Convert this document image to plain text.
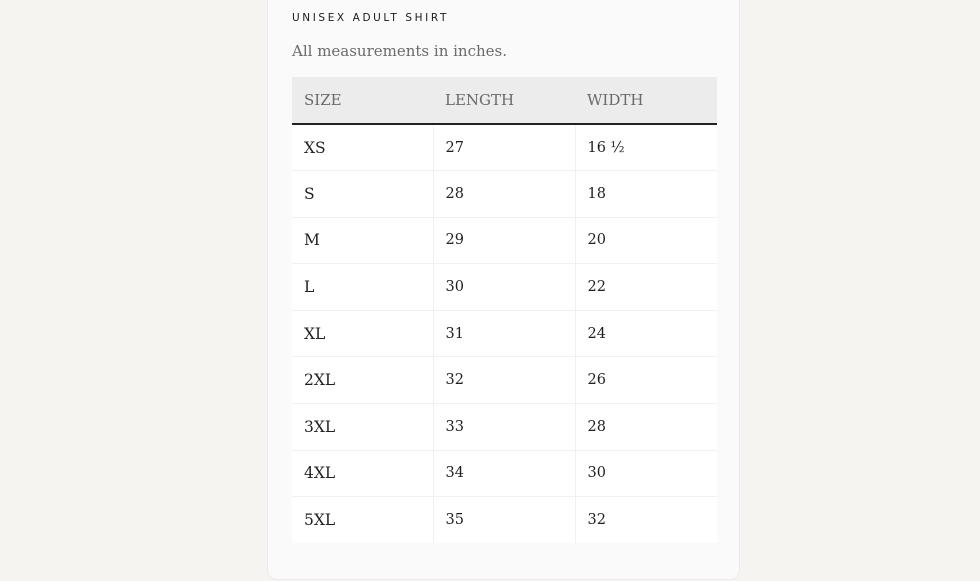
UNISEX ADULT SHIRT

All measurements in inches.

SIZE	LENGTH	WIDTH
XS	27	16 ½
S	28	18
M	29	20
L	30	22
XL	31	24
2XL	32	26
3XL	33	28
4XL	34	30
5XL	35	32
